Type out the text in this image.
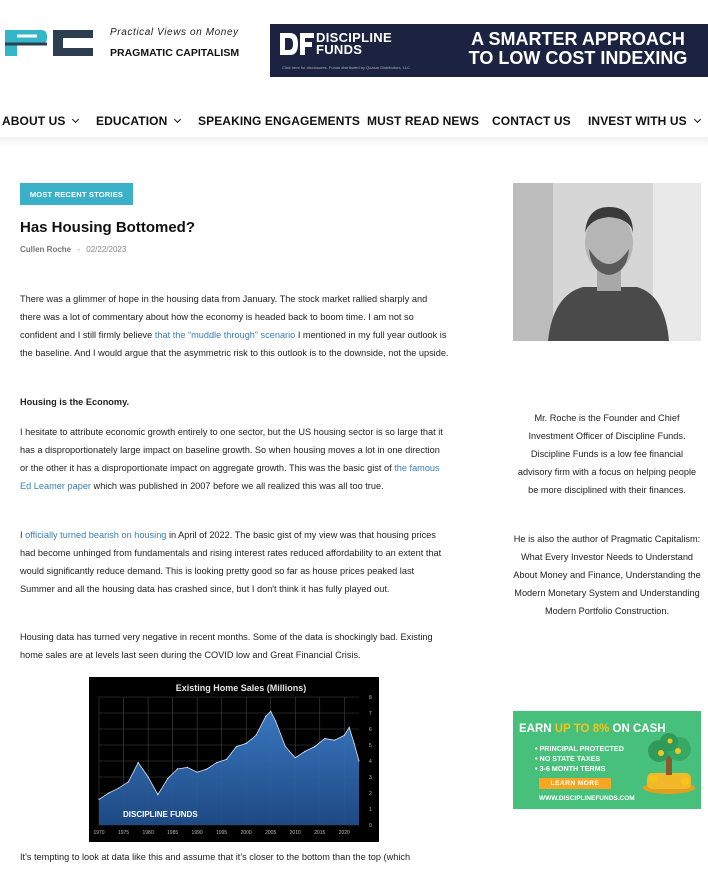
Practical Views on Money
PRAGMATIC CAPITALISM
DISCIPLINE
FUNDS
Click here for disclosures. Funds distributed by Quasar Distributors, LLC
A SMARTER APPROACH
TO LOW COST INDEXING
ABOUT US	EDUCATION	SPEAKING ENGAGEMENTS MUST READ NEWS CONTACT US INVEST WITH US
MOST RECENT STORIES
Has Housing Bottomed?
Cullen Roche - 02/22/2023
There was a glimmer of hope in the housing data from January. The stock market rallied sharply and there was a lot of commentary about how the economy is headed back to boom time. I am not so confident and I still firmly believe that the “muddle through” scenario I mentioned in my full year outlook is the baseline. And I would argue that the asymmetric risk to this outlook is to the downside, not the upside.
Housing is the Economy.
I hesitate to attribute economic growth entirely to one sector, but the US housing sector is so large that it has a disproportionately large impact on baseline growth. So when housing moves a lot in one direction or the other it has a disproportionate impact on aggregate growth. This was the basic gist of the famous Ed Leamer paper which was published in 2007 before we all realized this was all too true.
I officially turned bearish on housing in April of 2022. The basic gist of my view was that housing prices had become unhinged from fundamentals and rising interest rates reduced affordability to an extent that would significantly reduce demand. This is looking pretty good so far as house prices peaked last Summer and all the housing data has crashed since, but I don't think it has fully played out.
Housing data has turned very negative in recent months. Some of the data is shockingly bad. Existing home sales are at levels last seen during the COVID low and Great Financial Crisis.
Existing Home Sales (Millions)
0
1
2
3
4
5
6
7
8
1970	1975	1980	1985	1990	1995	2000	2005	2010	2015	2020
DISCIPLINE FUNDS
It's tempting to look at data like this and assume that it's closer to the bottom than the top (which
Mr. Roche is the Founder and Chief Investment Officer of Discipline Funds. Discipline Funds is a low fee financial advisory firm with a focus on helping people be more disciplined with their finances.
He is also the author of Pragmatic Capitalism: What Every Investor Needs to Understand About Money and Finance, Understanding the Modern Monetary System and Understanding Modern Portfolio Construction.
EARN UP TO 8% ON CASH
• PRINCIPAL PROTECTED
• NO STATE TAXES
• 3-6 MONTH TERMS
LEARN MORE
WWW.DISCIPLINEFUNDS.COM
